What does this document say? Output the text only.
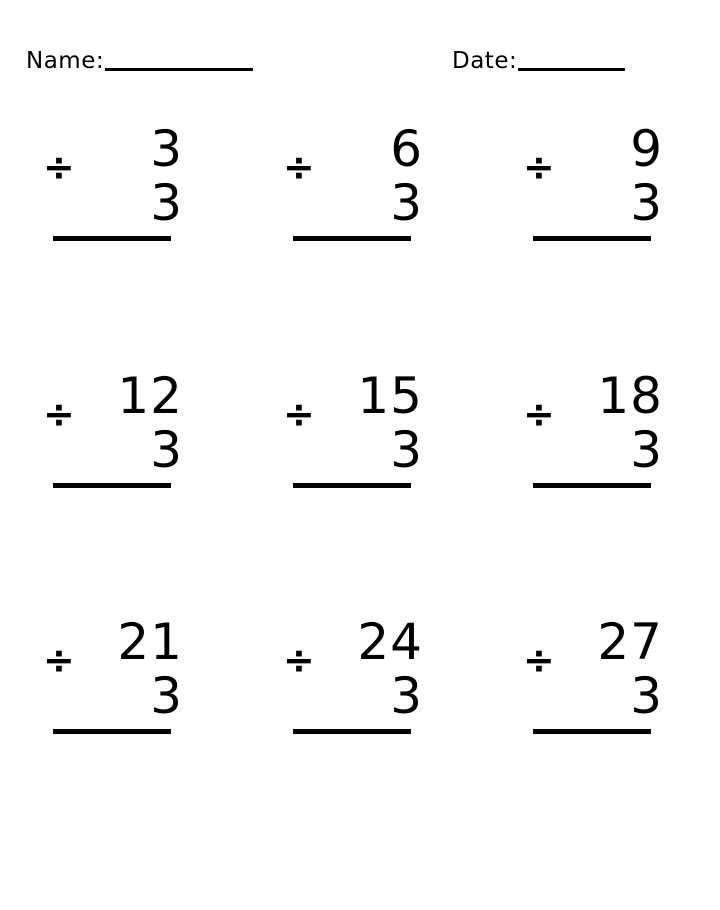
Name:	Date:
3
÷
3
6
÷
3
9
÷
3
12
÷
3
15
÷
3
18
÷
3
21
÷
3
24
÷
3
27
÷
3
